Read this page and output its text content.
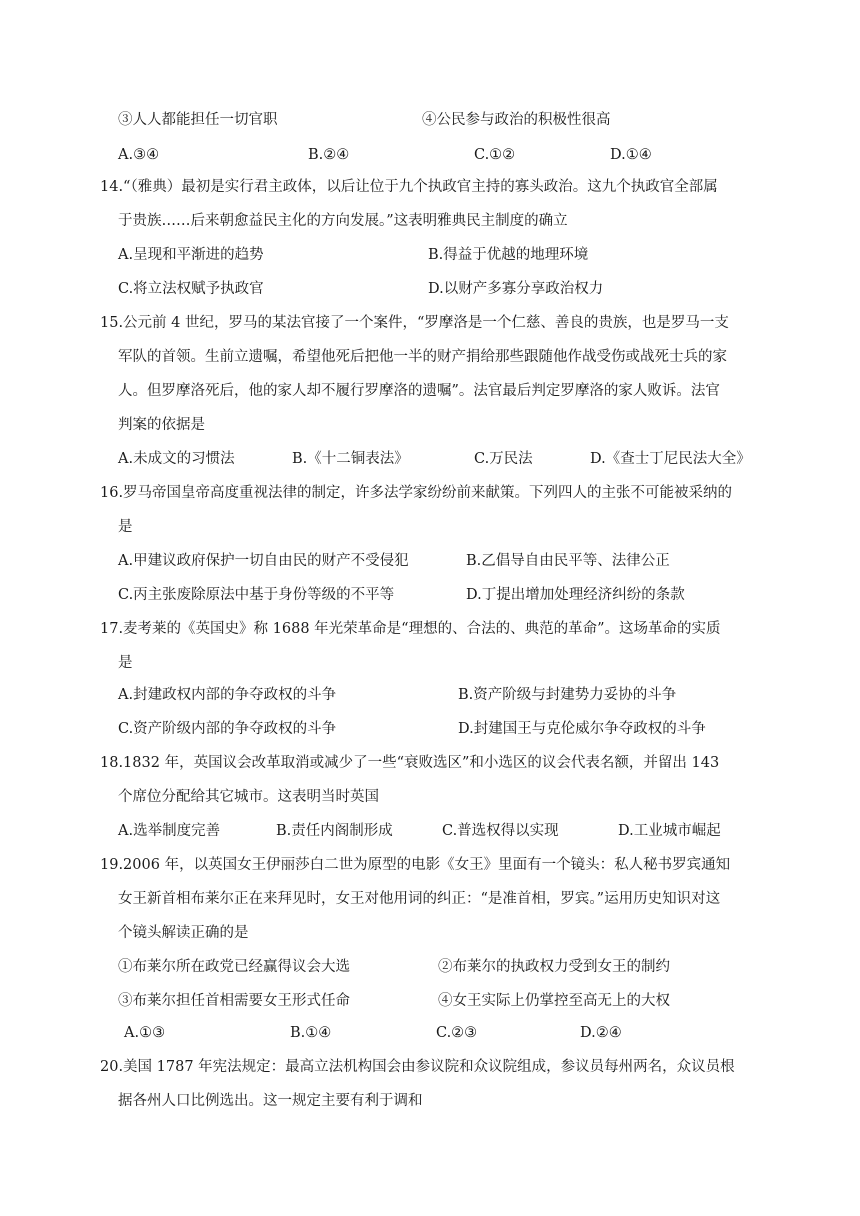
③人人都能担任一切官职	④公民参与政治的积极性很高
A.③④	B.②④	C.①②	D.①④
14.“（雅典）最初是实行君主政体，以后让位于九个执政官主持的寡头政治。这九个执政官全部属
于贵族……后来朝愈益民主化的方向发展。”这表明雅典民主制度的确立
A.呈现和平渐进的趋势	B.得益于优越的地理环境
C.将立法权赋予执政官	D.以财产多寡分享政治权力
15.公元前 4 世纪，罗马的某法官接了一个案件，“罗摩洛是一个仁慈、善良的贵族，也是罗马一支
军队的首领。生前立遗嘱，希望他死后把他一半的财产捐给那些跟随他作战受伤或战死士兵的家
人。但罗摩洛死后，他的家人却不履行罗摩洛的遗嘱”。法官最后判定罗摩洛的家人败诉。法官
判案的依据是
A.未成文的习惯法	B.《十二铜表法》	C.万民法	D.《查士丁尼民法大全》
16.罗马帝国皇帝高度重视法律的制定，许多法学家纷纷前来献策。下列四人的主张不可能被采纳的
是
A.甲建议政府保护一切自由民的财产不受侵犯	B.乙倡导自由民平等、法律公正
C.丙主张废除原法中基于身份等级的不平等	D.丁提出增加处理经济纠纷的条款
17.麦考莱的《英国史》称 1688 年光荣革命是“理想的、合法的、典范的革命”。这场革命的实质
是
A.封建政权内部的争夺政权的斗争	B.资产阶级与封建势力妥协的斗争
C.资产阶级内部的争夺政权的斗争	D.封建国王与克伦威尔争夺政权的斗争
18.1832 年，英国议会改革取消或减少了一些“衰败选区”和小选区的议会代表名额，并留出 143
个席位分配给其它城市。这表明当时英国
A.选举制度完善	B.责任内阁制形成	C.普选权得以实现	D.工业城市崛起
19.2006 年，以英国女王伊丽莎白二世为原型的电影《女王》里面有一个镜头：私人秘书罗宾通知
女王新首相布莱尔正在来拜见时，女王对他用词的纠正：“是准首相，罗宾。”运用历史知识对这
个镜头解读正确的是
①布莱尔所在政党已经赢得议会大选	②布莱尔的执政权力受到女王的制约
③布莱尔担任首相需要女王形式任命	④女王实际上仍掌控至高无上的大权
A.①③	B.①④	C.②③	D.②④
20.美国 1787 年宪法规定：最高立法机构国会由参议院和众议院组成，参议员每州两名，众议员根
据各州人口比例选出。这一规定主要有利于调和
